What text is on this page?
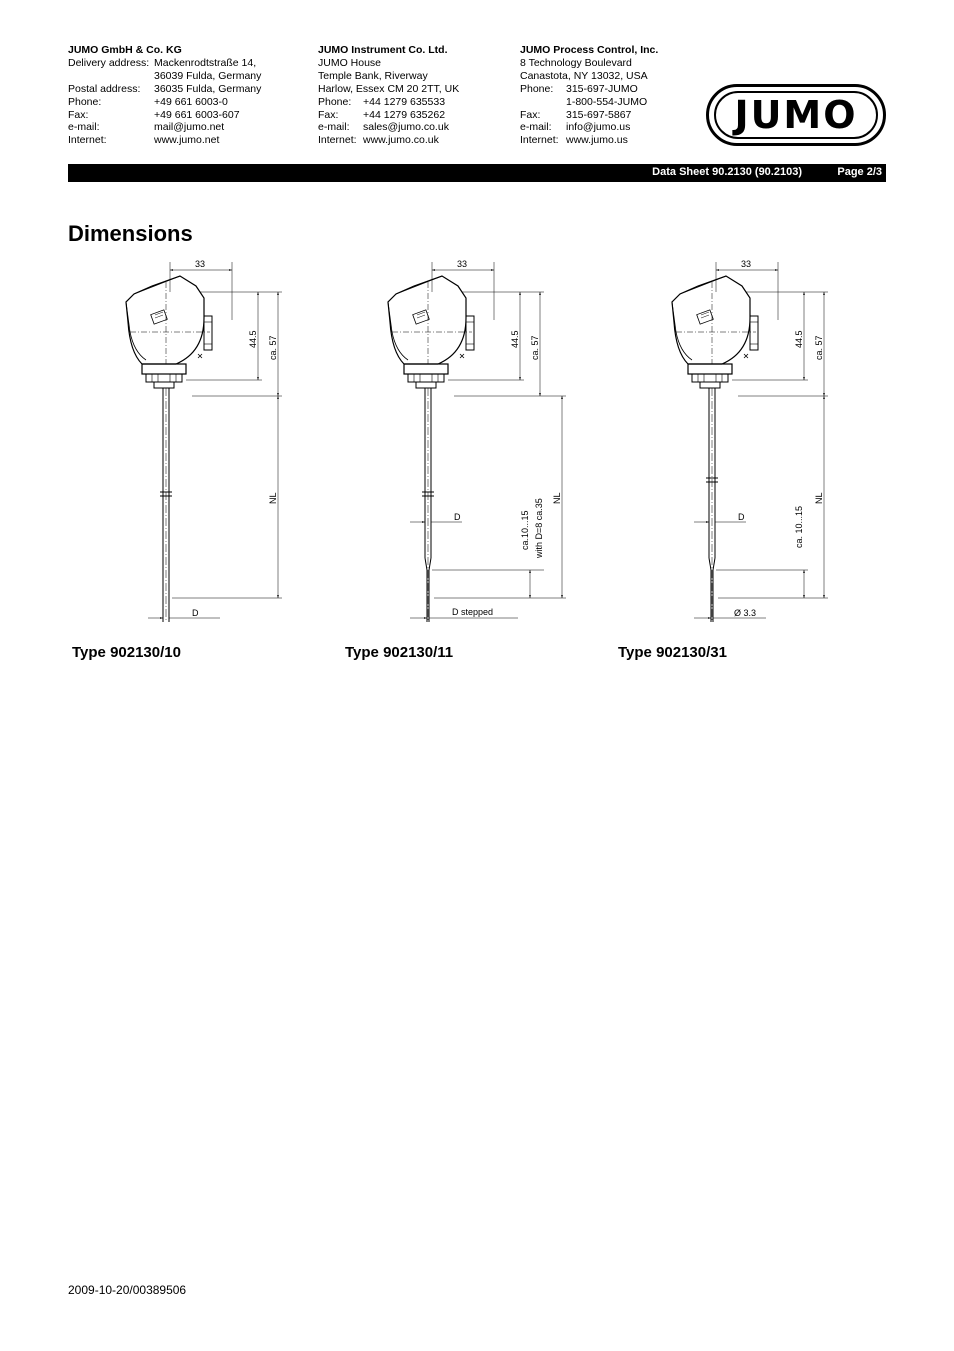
JUMO GmbH & Co. KG
Delivery address: Mackenrodtstraße 14,
36039 Fulda, Germany
Postal address:	36035 Fulda, Germany
Phone:	+49 661 6003-0
Fax:	+49 661 6003-607
e-mail:	mail@jumo.net
Internet:	www.jumo.net
JUMO Instrument Co. Ltd.
JUMO House
Temple Bank, Riverway
Harlow, Essex CM 20 2TT, UK
Phone:	+44 1279 635533
Fax:	+44 1279 635262
e-mail:	sales@jumo.co.uk
Internet: www.jumo.co.uk
JUMO Process Control, Inc.
8 Technology Boulevard
Canastota, NY 13032, USA
Phone:	315-697-JUMO
1-800-554-JUMO
Fax:	315-697-5867
e-mail:	info@jumo.us
Internet: www.jumo.us
JUMO
Data Sheet 90.2130 (90.2103)	Page 2/3
Dimensions
33
44.5 ca. 57
NL
D
D
33
44.5 ca. 57
NL
ca.10...15 with D=8 ca.35
D stepped
D
33
44.5 ca. 57
NL
ca. 10...15
Ø 3.3
Type 902130/10	Type 902130/11	Type 902130/31
2009-10-20/00389506
